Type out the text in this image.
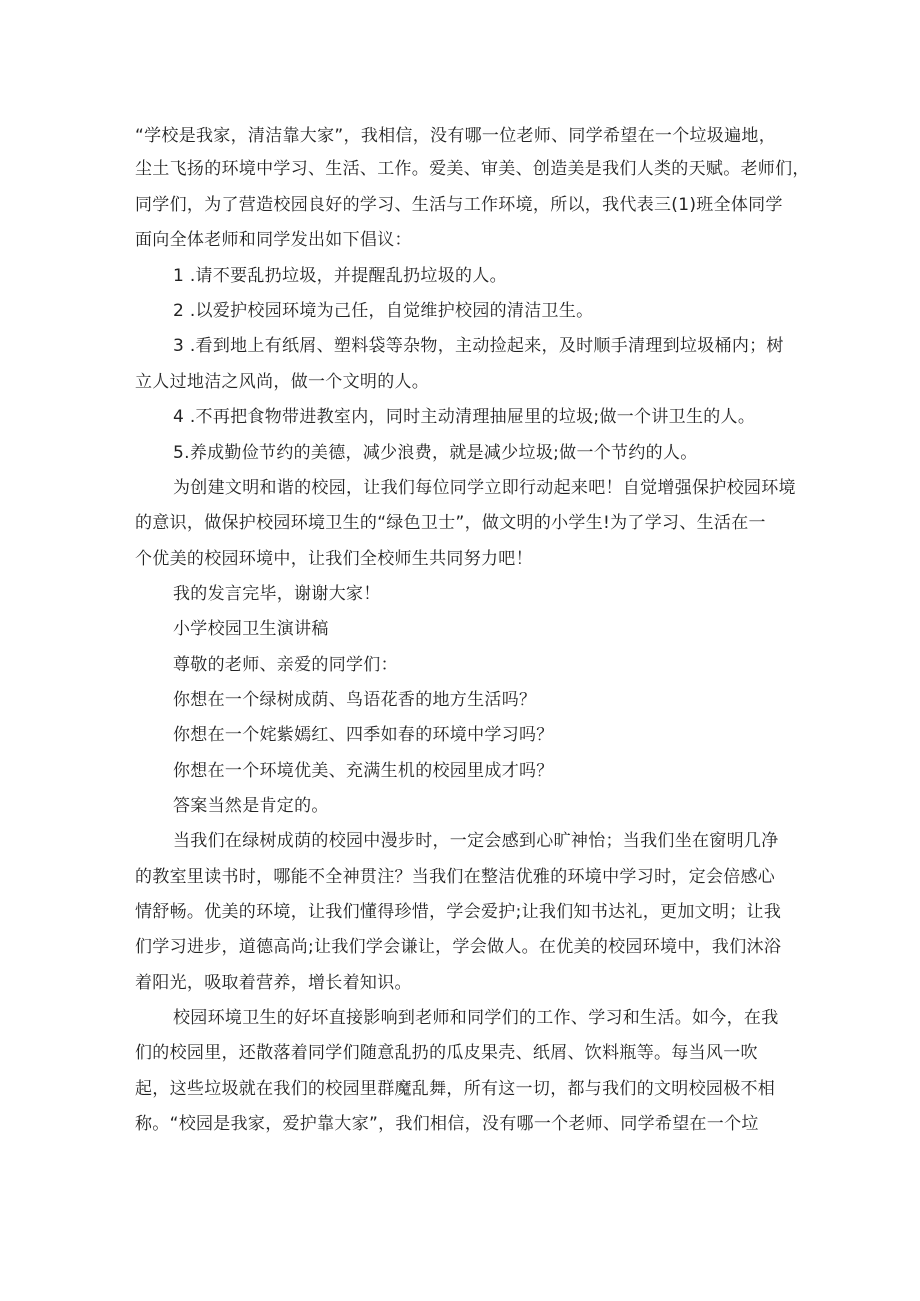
“学校是我家，清洁靠大家”，我相信，没有哪一位老师、同学希望在一个垃圾遍地，
尘土飞扬的环境中学习、生活、工作。爱美、审美、创造美是我们人类的天赋。老师们，
同学们，为了营造校园良好的学习、生活与工作环境，所以，我代表三(1)班全体同学
面向全体老师和同学发出如下倡议：
1 .请不要乱扔垃圾，并提醒乱扔垃圾的人。
2 .以爱护校园环境为己任，自觉维护校园的清洁卫生。
3 .看到地上有纸屑、塑料袋等杂物，主动捡起来，及时顺手清理到垃圾桶内；树
立人过地洁之风尚，做一个文明的人。
4 .不再把食物带进教室内，同时主动清理抽屉里的垃圾;做一个讲卫生的人。
5.养成勤俭节约的美德，减少浪费，就是减少垃圾;做一个节约的人。
为创建文明和谐的校园，让我们每位同学立即行动起来吧！自觉增强保护校园环境
的意识，做保护校园环境卫生的“绿色卫士”，做文明的小学生!为了学习、生活在一
个优美的校园环境中，让我们全校师生共同努力吧！
我的发言完毕，谢谢大家！
小学校园卫生演讲稿
尊敬的老师、亲爱的同学们：
你想在一个绿树成荫、鸟语花香的地方生活吗？
你想在一个姹紫嫣红、四季如春的环境中学习吗？
你想在一个环境优美、充满生机的校园里成才吗？
答案当然是肯定的。
当我们在绿树成荫的校园中漫步时，一定会感到心旷神怡；当我们坐在窗明几净
的教室里读书时，哪能不全神贯注？当我们在整洁优雅的环境中学习时，定会倍感心
情舒畅。优美的环境，让我们懂得珍惜，学会爱护;让我们知书达礼，更加文明；让我
们学习进步，道德高尚;让我们学会谦让，学会做人。在优美的校园环境中，我们沐浴
着阳光，吸取着营养，增长着知识。
校园环境卫生的好坏直接影响到老师和同学们的工作、学习和生活。如今，在我
们的校园里，还散落着同学们随意乱扔的瓜皮果壳、纸屑、饮料瓶等。每当风一吹
起，这些垃圾就在我们的校园里群魔乱舞，所有这一切，都与我们的文明校园极不相
称。“校园是我家，爱护靠大家”，我们相信，没有哪一个老师、同学希望在一个垃
